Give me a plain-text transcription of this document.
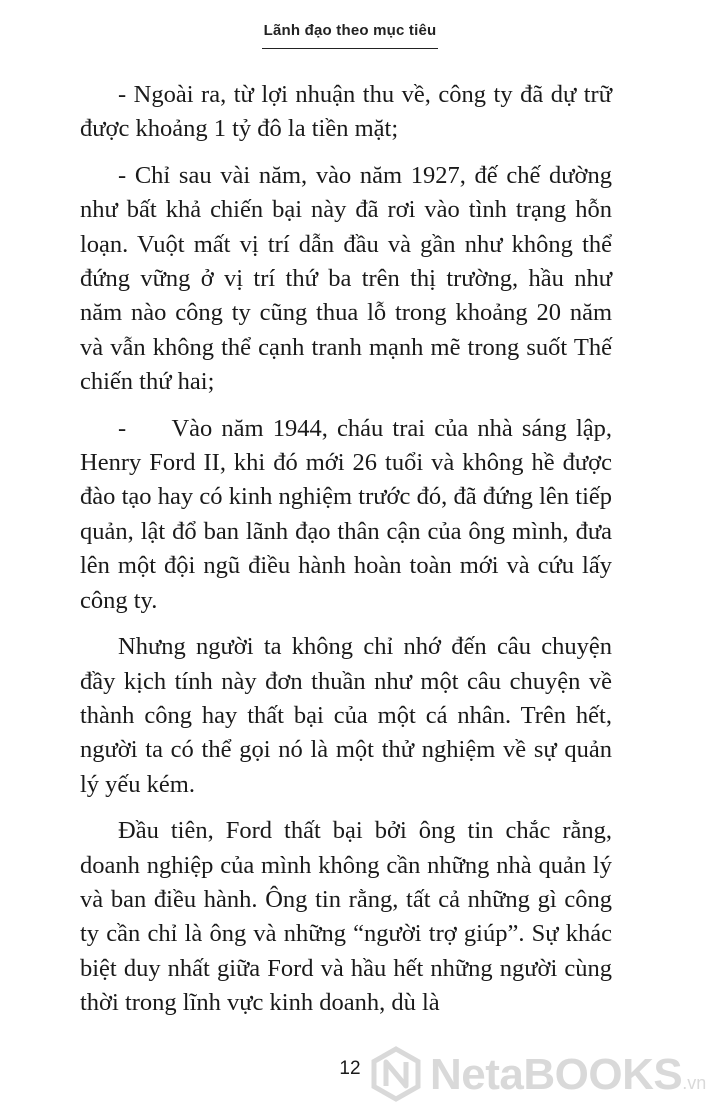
Lãnh đạo theo mục tiêu

- Ngoài ra, từ lợi nhuận thu về, công ty đã dự trữ được khoảng 1 tỷ đô la tiền mặt;

- Chỉ sau vài năm, vào năm 1927, đế chế dường như bất khả chiến bại này đã rơi vào tình trạng hỗn loạn. Vuột mất vị trí dẫn đầu và gần như không thể đứng vững ở vị trí thứ ba trên thị trường, hầu như năm nào công ty cũng thua lỗ trong khoảng 20 năm và vẫn không thể cạnh tranh mạnh mẽ trong suốt Thế chiến thứ hai;

-     Vào năm 1944, cháu trai của nhà sáng lập, Henry Ford II, khi đó mới 26 tuổi và không hề được đào tạo hay có kinh nghiệm trước đó, đã đứng lên tiếp quản, lật đổ ban lãnh đạo thân cận của ông mình, đưa lên một đội ngũ điều hành hoàn toàn mới và cứu lấy công ty.

Nhưng người ta không chỉ nhớ đến câu chuyện đầy kịch tính này đơn thuần như một câu chuyện về thành công hay thất bại của một cá nhân. Trên hết, người ta có thể gọi nó là một thử nghiệm về sự quản lý yếu kém.

Đầu tiên, Ford thất bại bởi ông tin chắc rằng, doanh nghiệp của mình không cần những nhà quản lý và ban điều hành. Ông tin rằng, tất cả những gì công ty cần chỉ là ông và những “người trợ giúp”. Sự khác biệt duy nhất giữa Ford và hầu hết những người cùng thời trong lĩnh vực kinh doanh, dù là

12	NetaBOOKS.vn
